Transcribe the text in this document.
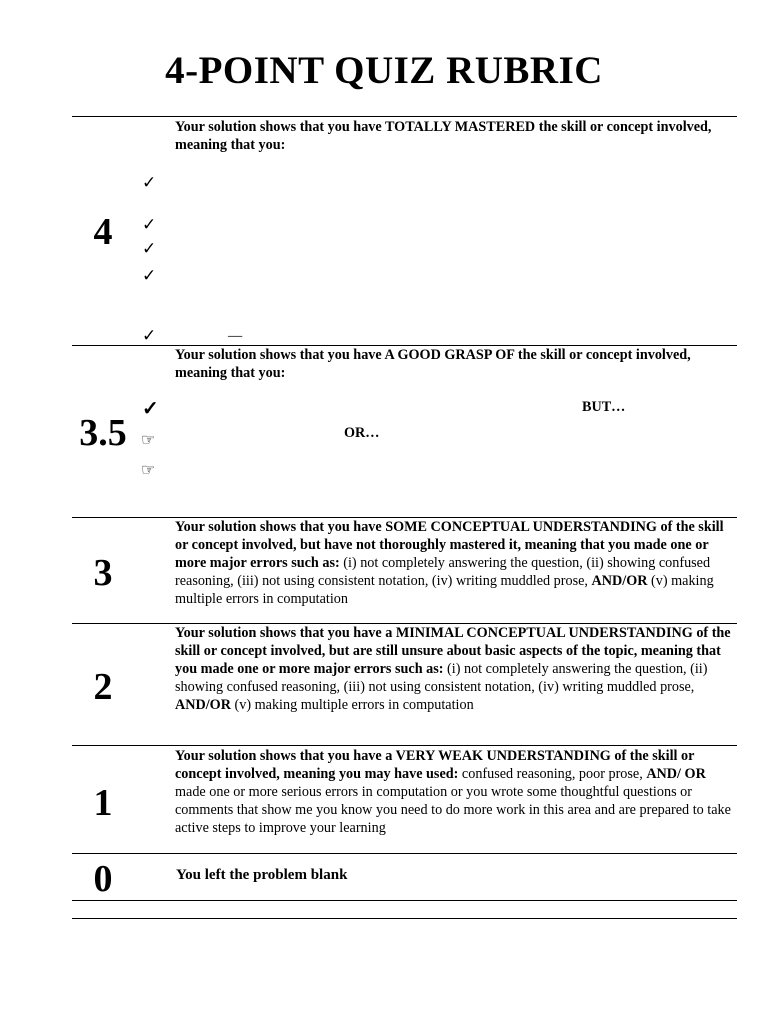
4-POINT QUIZ RUBRIC
4
Your solution shows that you have TOTALLY MASTERED the skill or concept involved, meaning that you:
✓
✓
✓
✓
✓	—
3.5
Your solution shows that you have A GOOD GRASP OF the skill or concept involved, meaning that you:
✓
☞
☞
BUT…
OR…
3
Your solution shows that you have SOME CONCEPTUAL UNDERSTANDING of the skill or concept involved, but have not thoroughly mastered it, meaning that you made one or more major errors such as: (i) not completely answering the question, (ii) showing confused reasoning, (iii) not using consistent notation, (iv) writing muddled prose, AND/OR (v) making multiple errors in computation
2
Your solution shows that you have a MINIMAL CONCEPTUAL UNDERSTANDING of the skill or concept involved, but are still unsure about basic aspects of the topic, meaning that you made one or more major errors such as: (i) not completely answering the question, (ii) showing confused reasoning, (iii) not using consistent notation, (iv) writing muddled prose, AND/OR (v) making multiple errors in computation
1
Your solution shows that you have a VERY WEAK UNDERSTANDING of the skill or concept involved, meaning you may have used: confused reasoning, poor prose, AND/ OR made one or more serious errors in computation or you wrote some thoughtful questions or comments that show me you know you need to do more work in this area and are prepared to take active steps to improve your learning
0	You left the problem blank
